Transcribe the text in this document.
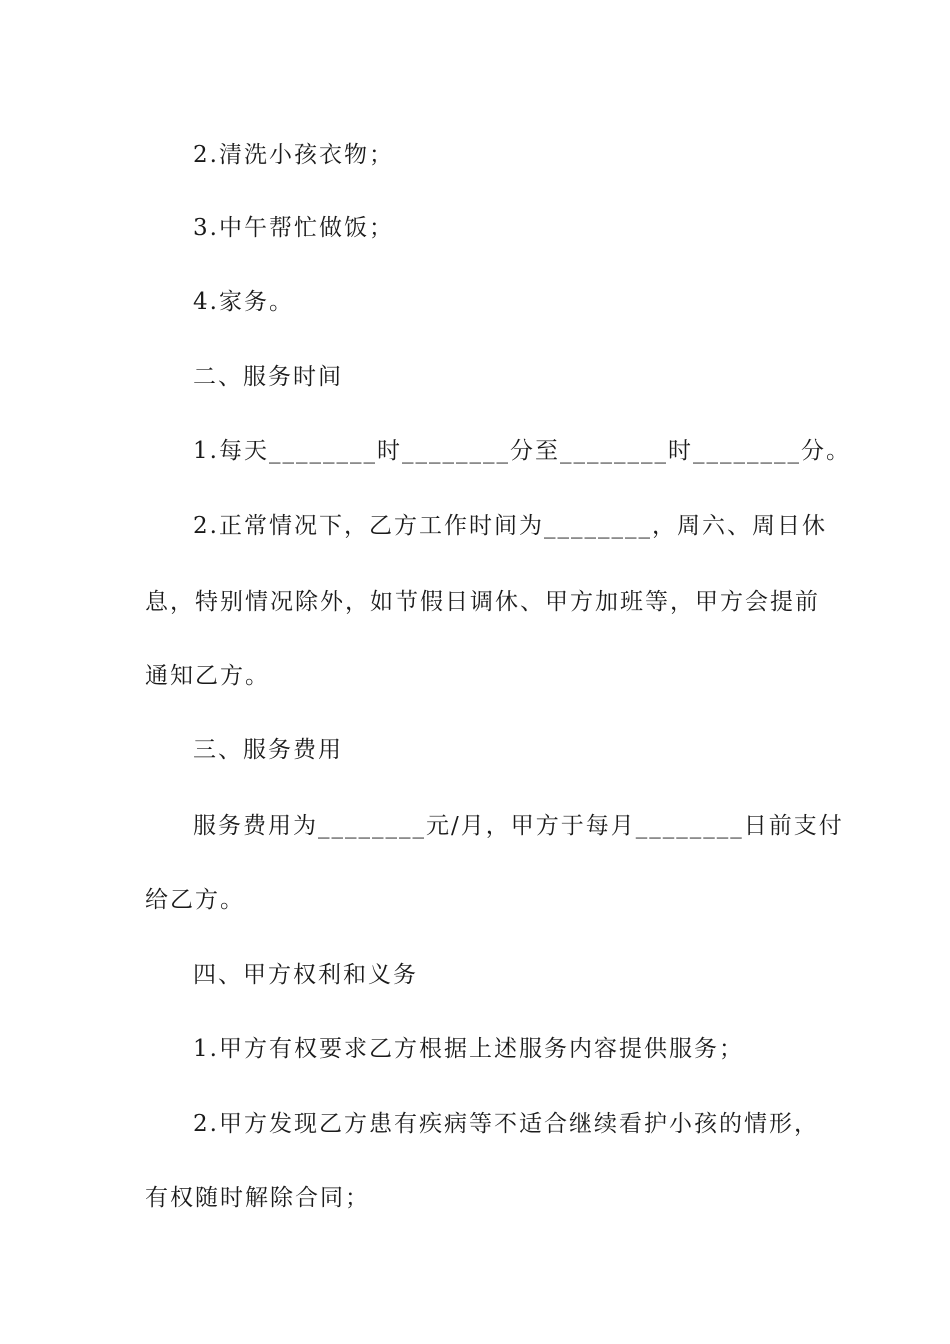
2.清洗小孩衣物；
3.中午帮忙做饭；
4.家务。
二、服务时间
1.每天________时________分至________时________分。
2.正常情况下，乙方工作时间为________，周六、周日休
息，特别情况除外，如节假日调休、甲方加班等，甲方会提前
通知乙方。
三、服务费用
服务费用为________元/月，甲方于每月________日前支付
给乙方。
四、甲方权利和义务
1.甲方有权要求乙方根据上述服务内容提供服务；
2.甲方发现乙方患有疾病等不适合继续看护小孩的情形，
有权随时解除合同；
